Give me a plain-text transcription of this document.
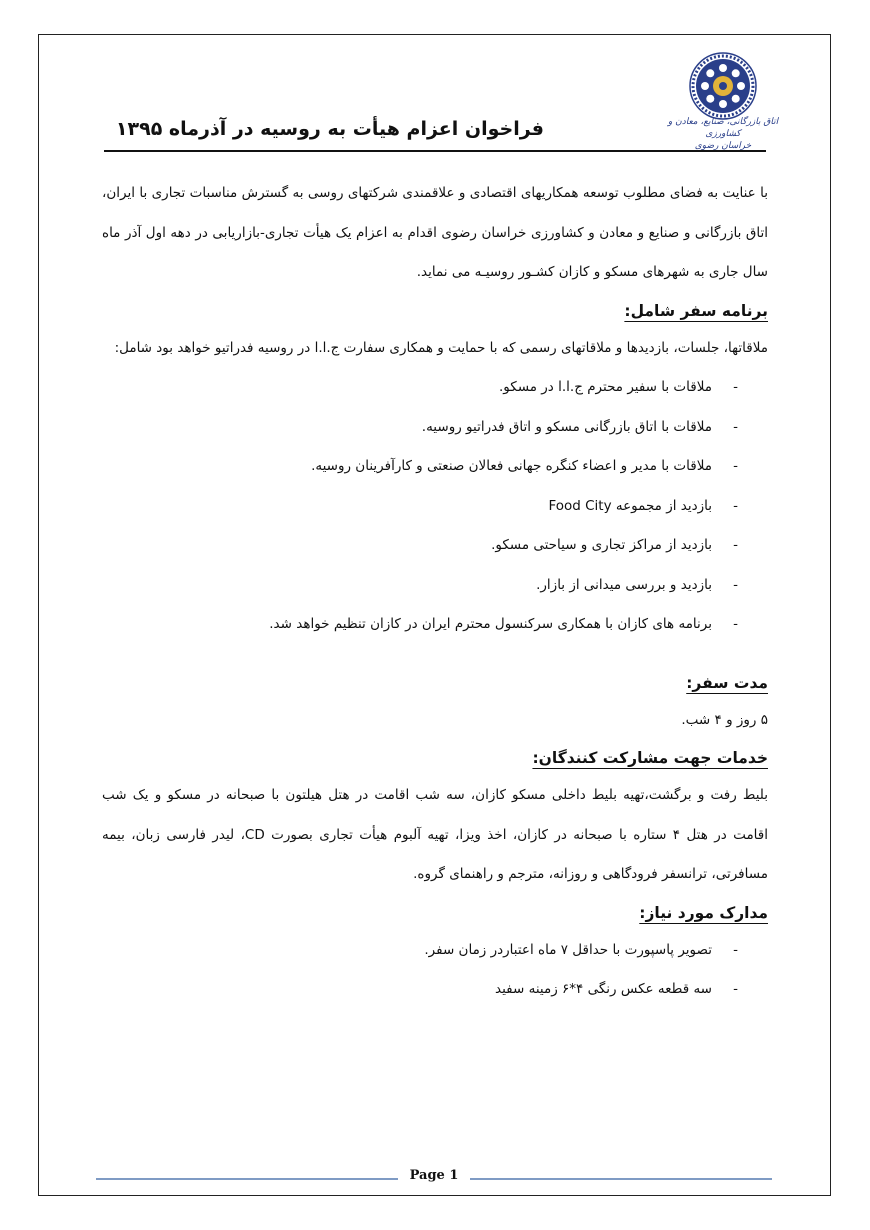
اتاق بازرگانی، صنایع، معادن و کشاورزی
خراسان رضوی
فراخوان اعزام هیأت به روسیه در آذرماه ۱۳۹۵

با عنایت به فضای مطلوب توسعه همکاریهای اقتصادی و علاقمندی شرکتهای روسی به گسترش مناسبات تجاری با ایران، اتاق بازرگانی و صنایع و معادن و کشاورزی خراسان رضوی اقدام به اعزام یک هیأت تجاری-بازاریابی در دهه اول آذر ماه سال جاری به شهرهای مسکو و کازان کشـور روسیـه می نماید.

برنامه سفر شامل:

ملاقاتها، جلسات، بازدیدها و ملاقاتهای رسمی که با حمایت و همکاری سفارت ج.ا.ا در روسیه فدراتیو خواهد بود شامل:

- ملاقات با سفیر محترم ج.ا.ا در مسکو.
- ملاقات با اتاق بازرگانی مسکو و اتاق فدراتیو روسیه.
- ملاقات با مدیر و اعضاء کنگره جهانی فعالان صنعتی و کارآفرینان روسیه.
- بازدید از مجموعه Food City
- بازدید از مراکز تجاری و سیاحتی مسکو.
- بازدید و بررسی میدانی از بازار.
- برنامه های کازان با همکاری سرکنسول محترم ایران در کازان تنظیم خواهد شد.

مدت سفر:

۵ روز و ۴ شب.

خدمات جهت مشارکت کنندگان:

بلیط رفت و برگشت،تهیه بلیط داخلی مسکو کازان، سه شب اقامت در هتل هیلتون با صبحانه در مسکو و یک شب اقامت در هتل ۴ ستاره با صبحانه در کازان، اخذ ویزا، تهیه آلبوم هیأت تجاری بصورت CD، لیدر فارسی زبان، بیمه مسافرتی، ترانسفر فرودگاهی و روزانه، مترجم و راهنمای گروه.

مدارک مورد نیاز:

- تصویر پاسپورت با حداقل ۷ ماه اعتباردر زمان سفر.
- سه قطعه عکس رنگی ۴*۶ زمینه سفید
Page 1
